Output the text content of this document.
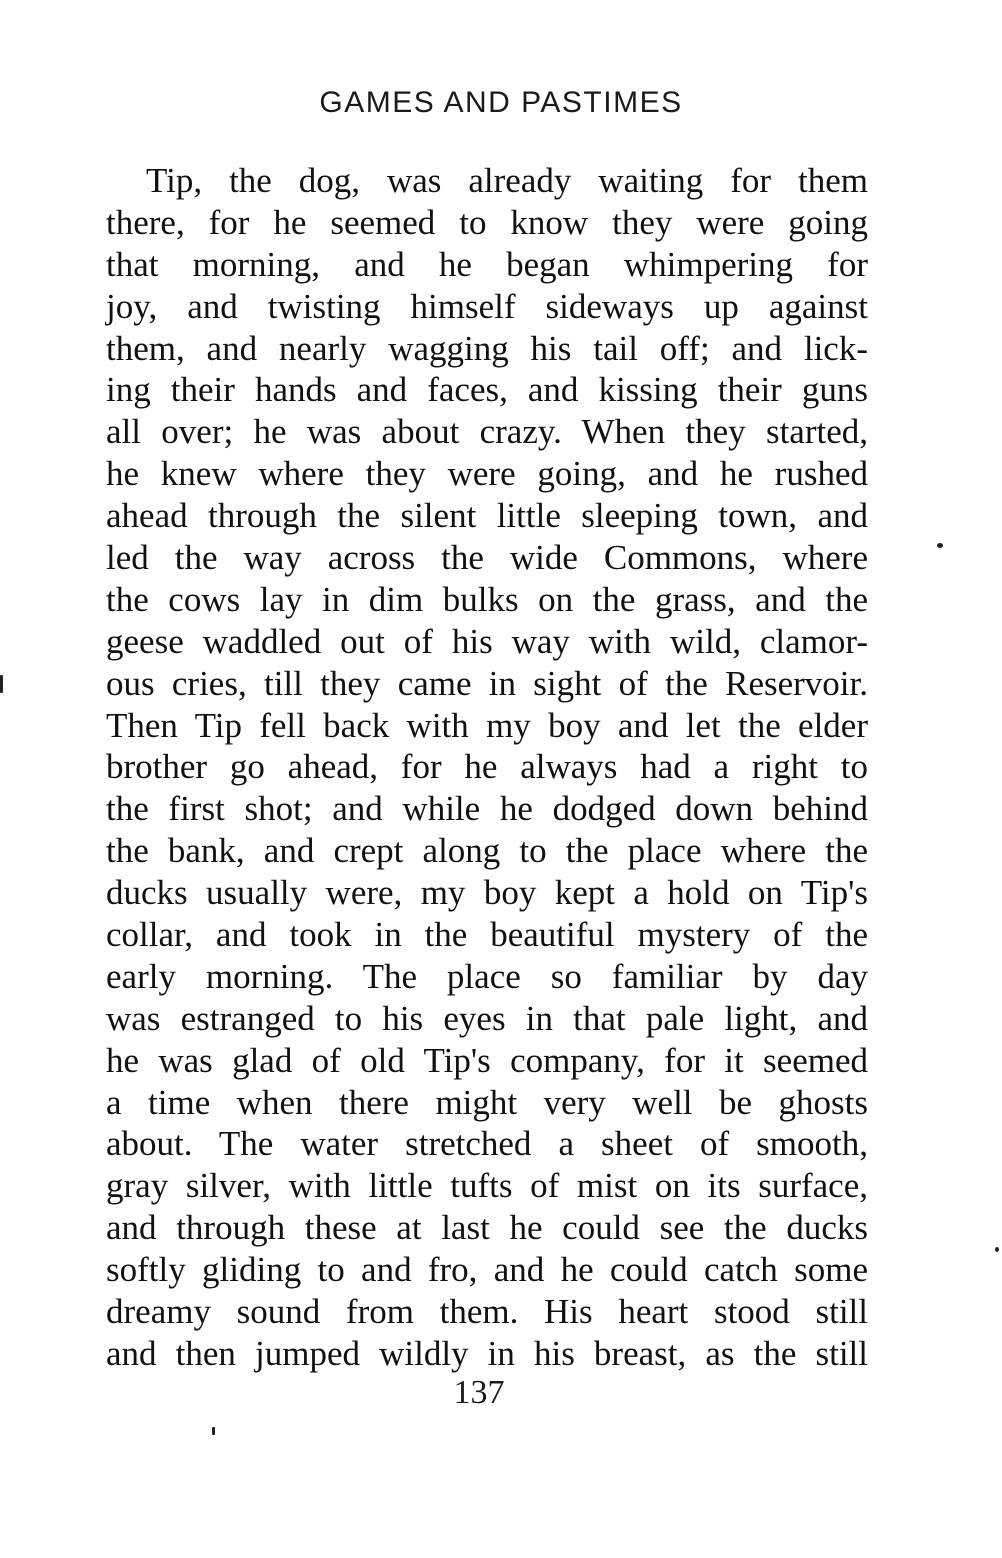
GAMES AND PASTIMES
Tip, the dog, was already waiting for them
there, for he seemed to know they were going
that morning, and he began whimpering for
joy, and twisting himself sideways up against
them, and nearly wagging his tail off; and lick-
ing their hands and faces, and kissing their guns
all over; he was about crazy. When they started,
he knew where they were going, and he rushed
ahead through the silent little sleeping town, and
led the way across the wide Commons, where
the cows lay in dim bulks on the grass, and the
geese waddled out of his way with wild, clamor-
ous cries, till they came in sight of the Reservoir.
Then Tip fell back with my boy and let the elder
brother go ahead, for he always had a right to
the first shot; and while he dodged down behind
the bank, and crept along to the place where the
ducks usually were, my boy kept a hold on Tip's
collar, and took in the beautiful mystery of the
early morning. The place so familiar by day
was estranged to his eyes in that pale light, and
he was glad of old Tip's company, for it seemed
a time when there might very well be ghosts
about. The water stretched a sheet of smooth,
gray silver, with little tufts of mist on its surface,
and through these at last he could see the ducks
softly gliding to and fro, and he could catch some
dreamy sound from them. His heart stood still
and then jumped wildly in his breast, as the still
137
